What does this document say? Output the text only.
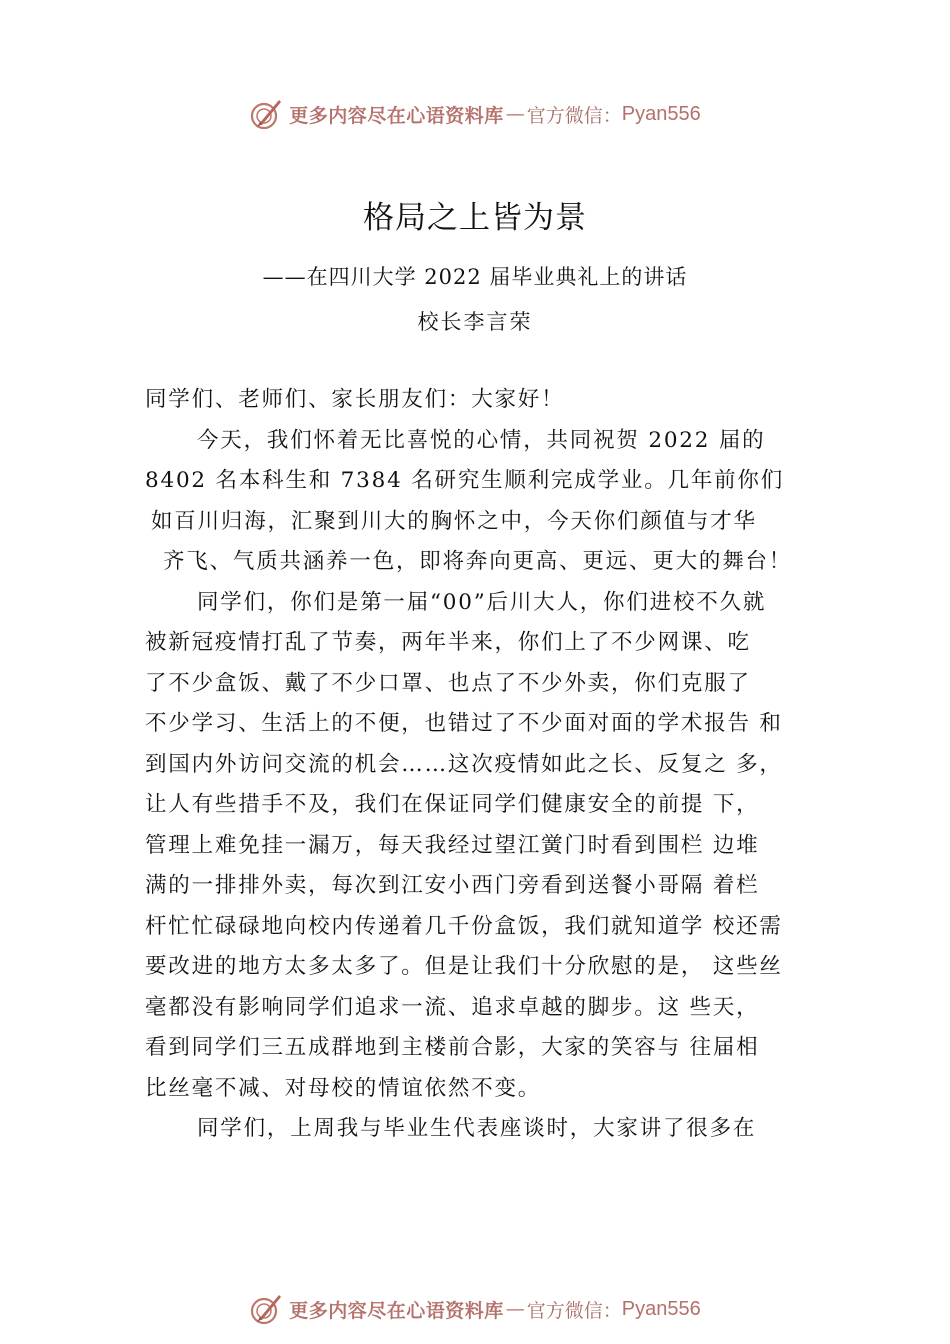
更多内容尽在心语资料库 — 官方微信： Pyan556
格局之上皆为景
——在四川大学 2022 届毕业典礼上的讲话
校长李言荣
同学们、老师们、家长朋友们：大家好！
今天，我们怀着无比喜悦的心情，共同祝贺 2022 届的
8402 名本科生和 7384 名研究生顺利完成学业。几年前你们
如百川归海，汇聚到川大的胸怀之中，今天你们颜值与才华
齐飞、气质共涵养一色，即将奔向更高、更远、更大的舞台！
同学们，你们是第一届“00”后川大人，你们进校不久就
被新冠疫情打乱了节奏，两年半来，你们上了不少网课、吃
了不少盒饭、戴了不少口罩、也点了不少外卖，你们克服了
不少学习、生活上的不便，也错过了不少面对面的学术报告 和
到国内外访问交流的机会……这次疫情如此之长、反复之 多，
让人有些措手不及，我们在保证同学们健康安全的前提 下，
管理上难免挂一漏万，每天我经过望江黉门时看到围栏 边堆
满的一排排外卖，每次到江安小西门旁看到送餐小哥隔 着栏
杆忙忙碌碌地向校内传递着几千份盒饭，我们就知道学 校还需
要改进的地方太多太多了。但是让我们十分欣慰的是， 这些丝
毫都没有影响同学们追求一流、追求卓越的脚步。这 些天，
看到同学们三五成群地到主楼前合影，大家的笑容与 往届相
比丝毫不减、对母校的情谊依然不变。
同学们，上周我与毕业生代表座谈时，大家讲了很多在
更多内容尽在心语资料库 — 官方微信： Pyan556
